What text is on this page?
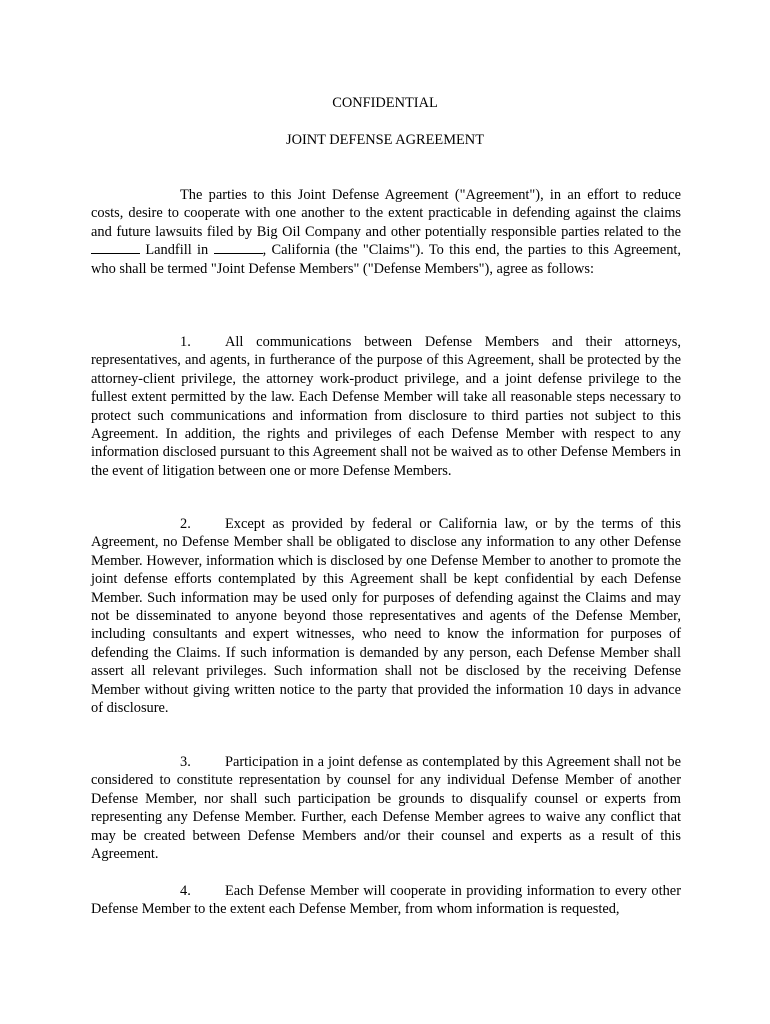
CONFIDENTIAL

JOINT DEFENSE AGREEMENT

The parties to this Joint Defense Agreement ("Agreement"), in an effort to reduce costs, desire to cooperate with one another to the extent practicable in defending against the claims and future lawsuits filed by Big Oil Company and other potentially responsible parties related to the  Landfill in	, California (the "Claims"). To this end, the parties to this Agreement, who shall be termed "Joint Defense Members" ("Defense Members"), agree as follows:

1. All communications between Defense Members and their attorneys, representatives, and agents, in furtherance of the purpose of this Agreement, shall be protected by the attorney-client privilege, the attorney work-product privilege, and a joint defense privilege to the fullest extent permitted by the law. Each Defense Member will take all reasonable steps necessary to protect such communications and information from disclosure to third parties not subject to this Agreement. In addition, the rights and privileges of each Defense Member with respect to any information disclosed pursuant to this Agreement shall not be waived as to other Defense Members in the event of litigation between one or more Defense Members.

2. Except as provided by federal or California law, or by the terms of this Agreement, no Defense Member shall be obligated to disclose any information to any other Defense Member. However, information which is disclosed by one Defense Member to another to promote the joint defense efforts contemplated by this Agreement shall be kept confidential by each Defense Member. Such information may be used only for purposes of defending against the Claims and may not be disseminated to anyone beyond those representatives and agents of the Defense Member, including consultants and expert witnesses, who need to know the information for purposes of defending the Claims. If such information is demanded by any person, each Defense Member shall assert all relevant privileges. Such information shall not be disclosed by the receiving Defense Member without giving written notice to the party that provided the information 10 days in advance of disclosure.

3. Participation in a joint defense as contemplated by this Agreement shall not be considered to constitute representation by counsel for any individual Defense Member of another Defense Member, nor shall such participation be grounds to disqualify counsel or experts from representing any Defense Member. Further, each Defense Member agrees to waive any conflict that may be created between Defense Members and/or their counsel and experts as a result of this Agreement.

4. Each Defense Member will cooperate in providing information to every other Defense Member to the extent each Defense Member, from whom information is requested,
